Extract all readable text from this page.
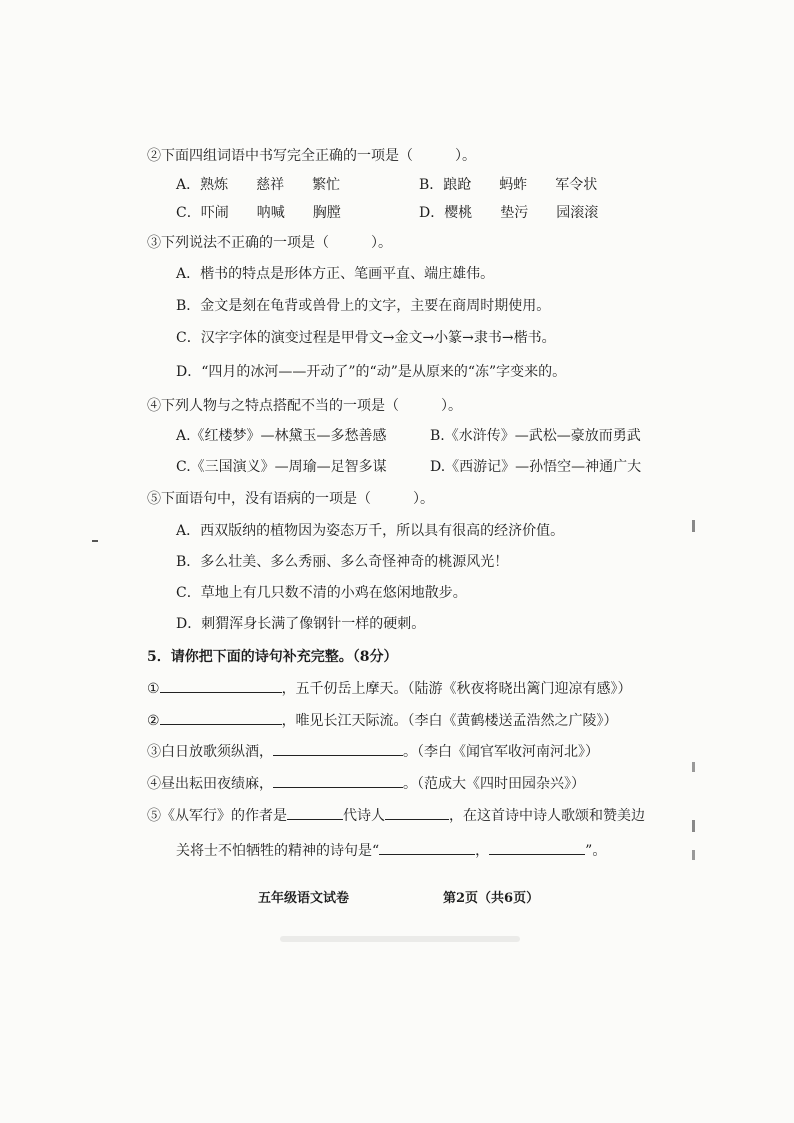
②下面四组词语中书写完全正确的一项是（　　　）。
A．熟炼　　慈祥　　繁忙	B．踉跄　　蚂蚱　　军令状
C．吓闹　　呐喊　　胸膛	D．樱桃　　垫污　　园滚滚
③下列说法不正确的一项是（　　　）。
A．楷书的特点是形体方正、笔画平直、端庄雄伟。
B．金文是刻在龟背或兽骨上的文字，主要在商周时期使用。
C．汉字字体的演变过程是甲骨文→金文→小篆→隶书→楷书。
D．“四月的冰河——开动了”的“动”是从原来的“冻”字变来的。
④下列人物与之特点搭配不当的一项是（　　　）。
A.《红楼梦》—林黛玉—多愁善感	B.《水浒传》—武松—豪放而勇武
C.《三国演义》—周瑜—足智多谋	D.《西游记》—孙悟空—神通广大
⑤下面语句中，没有语病的一项是（　　　）。
A．西双版纳的植物因为姿态万千，所以具有很高的经济价值。
B．多么壮美、多么秀丽、多么奇怪神奇的桃源风光！
C．草地上有几只数不清的小鸡在悠闲地散步。
D．刺猬浑身长满了像钢针一样的硬刺。
5．请你把下面的诗句补充完整。（8分）
①	，五千仞岳上摩天。（陆游《秋夜将晓出篱门迎凉有感》）
②	，唯见长江天际流。（李白《黄鹤楼送孟浩然之广陵》）
③白日放歌须纵酒，	。（李白《闻官军收河南河北》）
④昼出耘田夜绩麻，	。（范成大《四时田园杂兴》）
⑤《从军行》的作者是	代诗人	，在这首诗中诗人歌颂和赞美边
关将士不怕牺牲的精神的诗句是“	，	”。
五年级语文试卷	第2页（共6页）
